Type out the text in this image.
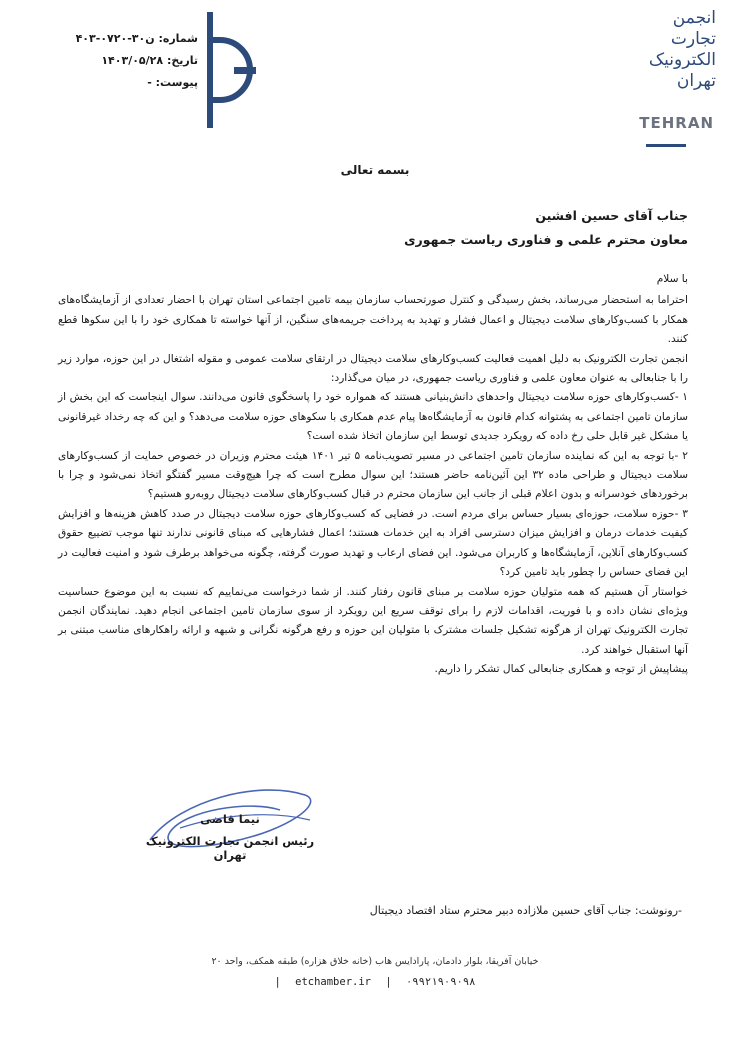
شماره: ن۳۰-۰۷۲۰-۴۰۳
تاریخ: ۱۴۰۳/۰۵/۲۸
پیوست: -
انجمن
تجارت
الکترونیک
تهران
TEHRAN
بسمه تعالی
جناب آقای حسین افشین
معاون محترم علمی و فناوری ریاست جمهوری

با سلام

احتراما به استحضار می‌رساند، بخش رسیدگی و کنترل صورتحساب سازمان بیمه تامین اجتماعی استان تهران با احضار تعدادی از آزمایشگاه‌های همکار با کسب‌وکارهای سلامت دیجیتال و اعمال فشار و تهدید به پرداخت جریمه‌های سنگین، از آنها خواسته تا همکاری خود را با این سکوها قطع کنند.

انجمن تجارت الکترونیک به دلیل اهمیت فعالیت کسب‌وکارهای سلامت دیجیتال در ارتقای سلامت عمومی و مقوله اشتغال در این حوزه، موارد زیر را با جنابعالی به عنوان معاون علمی و فناوری ریاست جمهوری، در میان می‌گذارد:

۱ -کسب‌وکارهای حوزه سلامت دیجیتال واحدهای دانش‌بنیانی هستند که همواره خود را پاسخگوی قانون می‌دانند. سوال اینجاست که این بخش از سازمان تامین اجتماعی به پشتوانه کدام قانون به آزمایشگاه‌ها پیام عدم همکاری با سکوهای حوزه سلامت می‌دهد؟ و این که چه رخداد غیرقانونی یا مشکل غیر قابل حلی رخ داده که رویکرد جدیدی توسط این سازمان اتخاذ شده است؟

۲ -با توجه به این که نماینده سازمان تامین اجتماعی در مسیر تصویب‌نامه ۵ تیر ۱۴۰۱ هیئت محترم وزیران در خصوص حمایت از کسب‌وکارهای سلامت دیجیتال و طراحی ماده ۳۲ این آئین‌نامه حاضر هستند؛ این سوال مطرح است که چرا هیچ‌وقت مسیر گفتگو اتخاذ نمی‌شود و چرا با برخوردهای خودسرانه و بدون اعلام قبلی از جانب این سازمان محترم در قبال کسب‌وکارهای سلامت دیجیتال روبه‌رو هستیم؟

۳ -حوزه سلامت، حوزه‌ای بسیار حساس برای مردم است. در فضایی که کسب‌وکارهای حوزه سلامت دیجیتال در صدد کاهش هزینه‌ها و افزایش کیفیت خدمات درمان و افزایش میزان دسترسی افراد به این خدمات هستند؛ اعمال فشارهایی که مبنای قانونی ندارند تنها موجب تضییع حقوق کسب‌وکارهای آنلاین، آزمایشگاه‌ها و کاربران می‌شود. این فضای ارعاب و تهدید صورت گرفته، چگونه می‌خواهد برطرف شود و امنیت فعالیت در این فضای حساس را چطور باید تامین کرد؟

خواستار آن هستیم که همه متولیان حوزه سلامت بر مبنای قانون رفتار کنند. از شما درخواست می‌نماییم که نسبت به این موضوع حساسیت ویژه‌ای نشان داده و با فوریت، اقدامات لازم را برای توقف سریع این رویکرد از سوی سازمان تامین اجتماعی انجام دهید. نمایندگان انجمن تجارت الکترونیک تهران از هرگونه تشکیل جلسات مشترک با متولیان این حوزه و رفع هرگونه نگرانی و شبهه و ارائه راهکارهای مناسب مبتنی بر آنها استقبال خواهند کرد.

پیشاپیش از توجه و همکاری جنابعالی کمال تشکر را داریم.

نیما قاضی
رئیس انجمن تجارت الکترونیک تهران
-رونوشت: جناب آقای حسین ملازاده دبیر محترم ستاد اقتصاد دیجیتال
خیابان آفریقا، بلوار دادمان، پارادایس هاب (خانه خلاق هزاره) طبقه همکف، واحد ۲۰
| etchamber.ir | ۰۹۹۲۱۹۰۹۰۹۸
